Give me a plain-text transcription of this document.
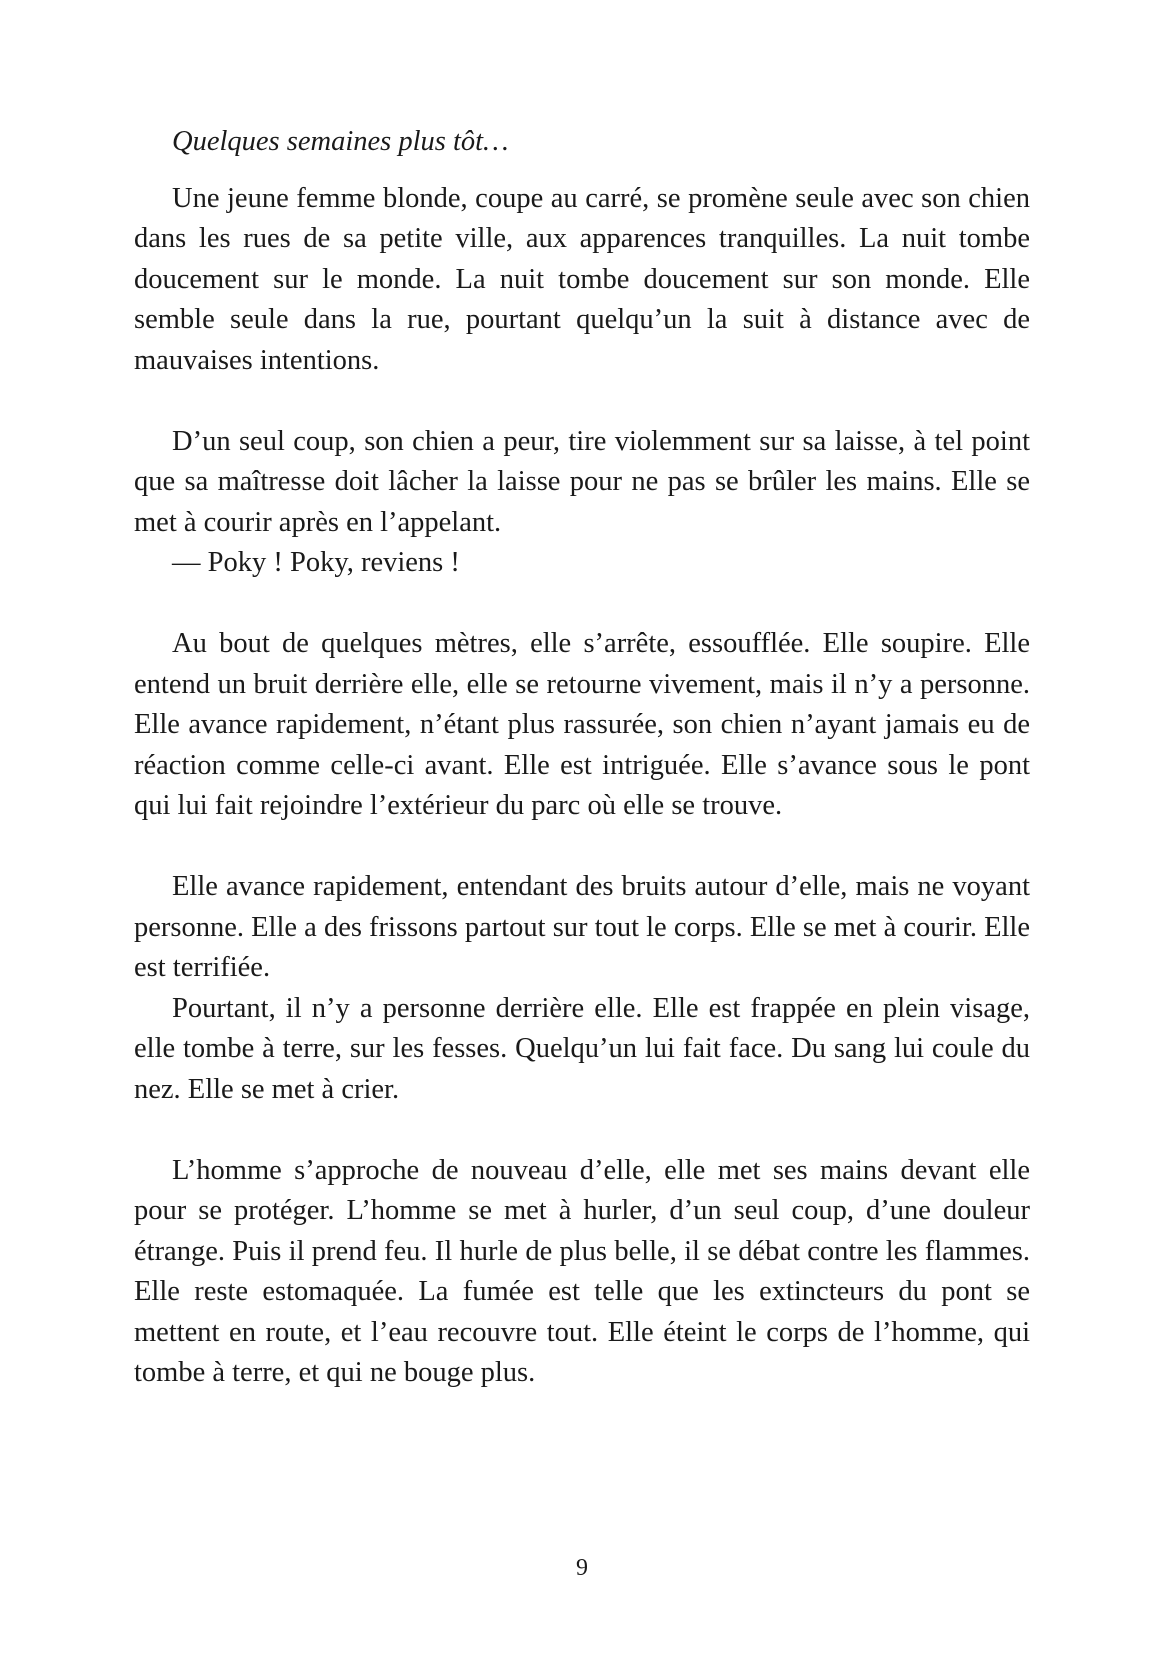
Quelques semaines plus tôt…

Une jeune femme blonde, coupe au carré, se promène seule avec son chien dans les rues de sa petite ville, aux apparences tranquilles. La nuit tombe doucement sur le monde. La nuit tombe doucement sur son monde. Elle semble seule dans la rue, pourtant quelqu’un la suit à distance avec de mauvaises intentions.

D’un seul coup, son chien a peur, tire violemment sur sa laisse, à tel point que sa maîtresse doit lâcher la laisse pour ne pas se brûler les mains. Elle se met à courir après en l’appelant.

— Poky ! Poky, reviens !

Au bout de quelques mètres, elle s’arrête, essoufflée. Elle soupire. Elle entend un bruit derrière elle, elle se retourne vivement, mais il n’y a personne. Elle avance rapidement, n’étant plus rassurée, son chien n’ayant jamais eu de réaction comme celle-ci avant. Elle est intriguée. Elle s’avance sous le pont qui lui fait rejoindre l’extérieur du parc où elle se trouve.

Elle avance rapidement, entendant des bruits autour d’elle, mais ne voyant personne. Elle a des frissons partout sur tout le corps. Elle se met à courir. Elle est terrifiée.

Pourtant, il n’y a personne derrière elle. Elle est frappée en plein visage, elle tombe à terre, sur les fesses. Quelqu’un lui fait face. Du sang lui coule du nez. Elle se met à crier.

L’homme s’approche de nouveau d’elle, elle met ses mains devant elle pour se protéger. L’homme se met à hurler, d’un seul coup, d’une douleur étrange. Puis il prend feu. Il hurle de plus belle, il se débat contre les flammes. Elle reste estomaquée. La fumée est telle que les extincteurs du pont se mettent en route, et l’eau recouvre tout. Elle éteint le corps de l’homme, qui tombe à terre, et qui ne bouge plus.

9
